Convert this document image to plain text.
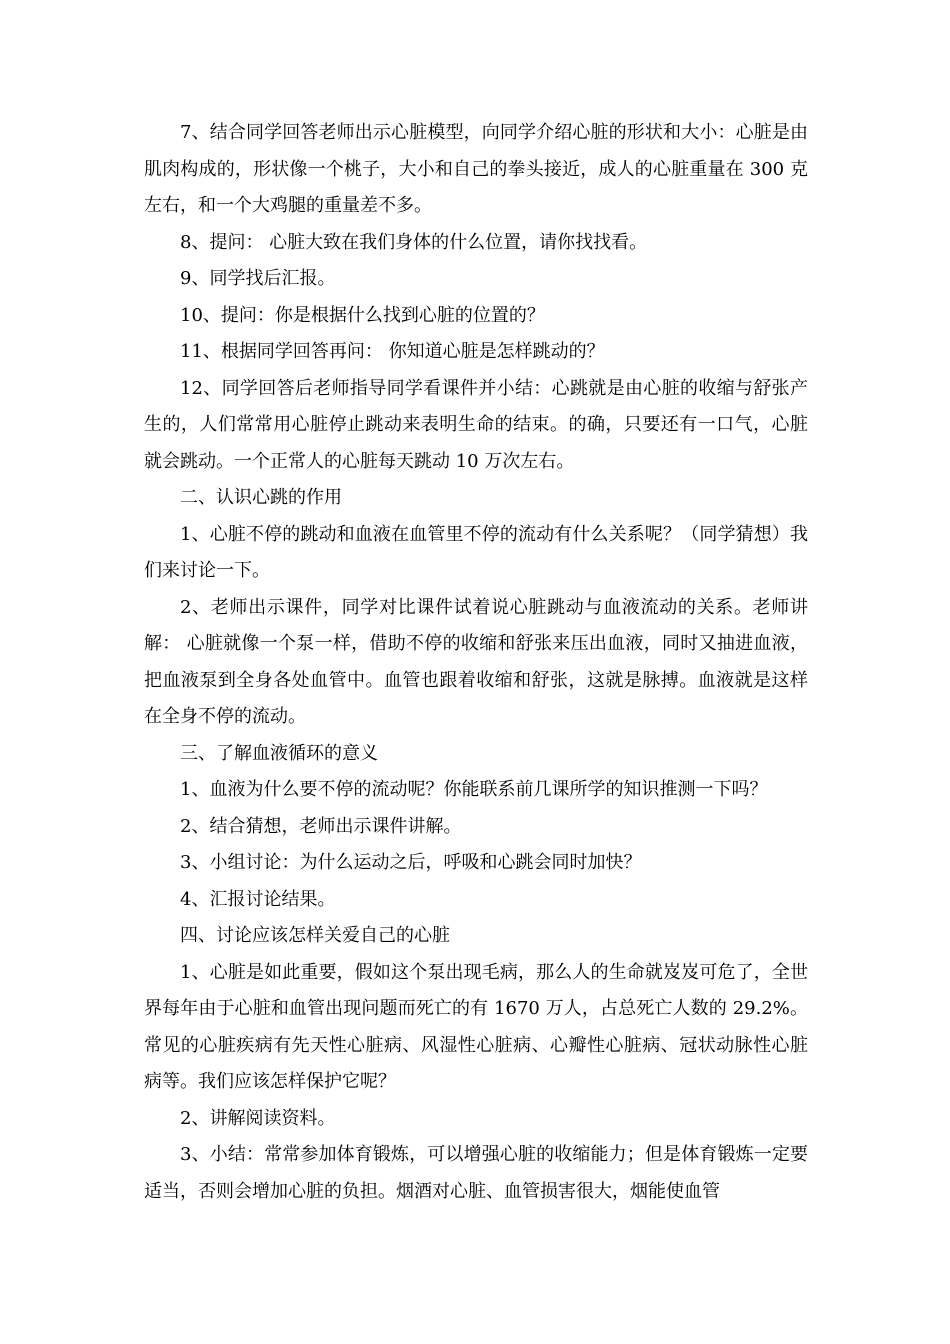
7、结合同学回答老师出示心脏模型，向同学介绍心脏的形状和大小：心脏是由肌肉构成的，形状像一个桃子，大小和自己的拳头接近，成人的心脏重量在 300 克左右，和一个大鸡腿的重量差不多。

8、提问： 心脏大致在我们身体的什么位置，请你找找看。

9、同学找后汇报。

10、提问：你是根据什么找到心脏的位置的？

11、根据同学回答再问： 你知道心脏是怎样跳动的？

12、同学回答后老师指导同学看课件并小结：心跳就是由心脏的收缩与舒张产生的，人们常常用心脏停止跳动来表明生命的结束。的确，只要还有一口气，心脏就会跳动。一个正常人的心脏每天跳动 10 万次左右。

二、认识心跳的作用

1、心脏不停的跳动和血液在血管里不停的流动有什么关系呢？（同学猜想）我们来讨论一下。

2、老师出示课件，同学对比课件试着说心脏跳动与血液流动的关系。老师讲解： 心脏就像一个泵一样，借助不停的收缩和舒张来压出血液，同时又抽进血液，把血液泵到全身各处血管中。血管也跟着收缩和舒张，这就是脉搏。血液就是这样在全身不停的流动。

三、了解血液循环的意义

1、血液为什么要不停的流动呢？你能联系前几课所学的知识推测一下吗？

2、结合猜想，老师出示课件讲解。

3、小组讨论：为什么运动之后，呼吸和心跳会同时加快？

4、汇报讨论结果。

四、讨论应该怎样关爱自己的心脏

1、心脏是如此重要，假如这个泵出现毛病，那么人的生命就岌岌可危了，全世界每年由于心脏和血管出现问题而死亡的有 1670 万人，占总死亡人数的 29.2%。常见的心脏疾病有先天性心脏病、风湿性心脏病、心瓣性心脏病、冠状动脉性心脏病等。我们应该怎样保护它呢？

2、讲解阅读资料。

3、小结：常常参加体育锻炼，可以增强心脏的收缩能力；但是体育锻炼一定要适当，否则会增加心脏的负担。烟酒对心脏、血管损害很大，烟能使血管
